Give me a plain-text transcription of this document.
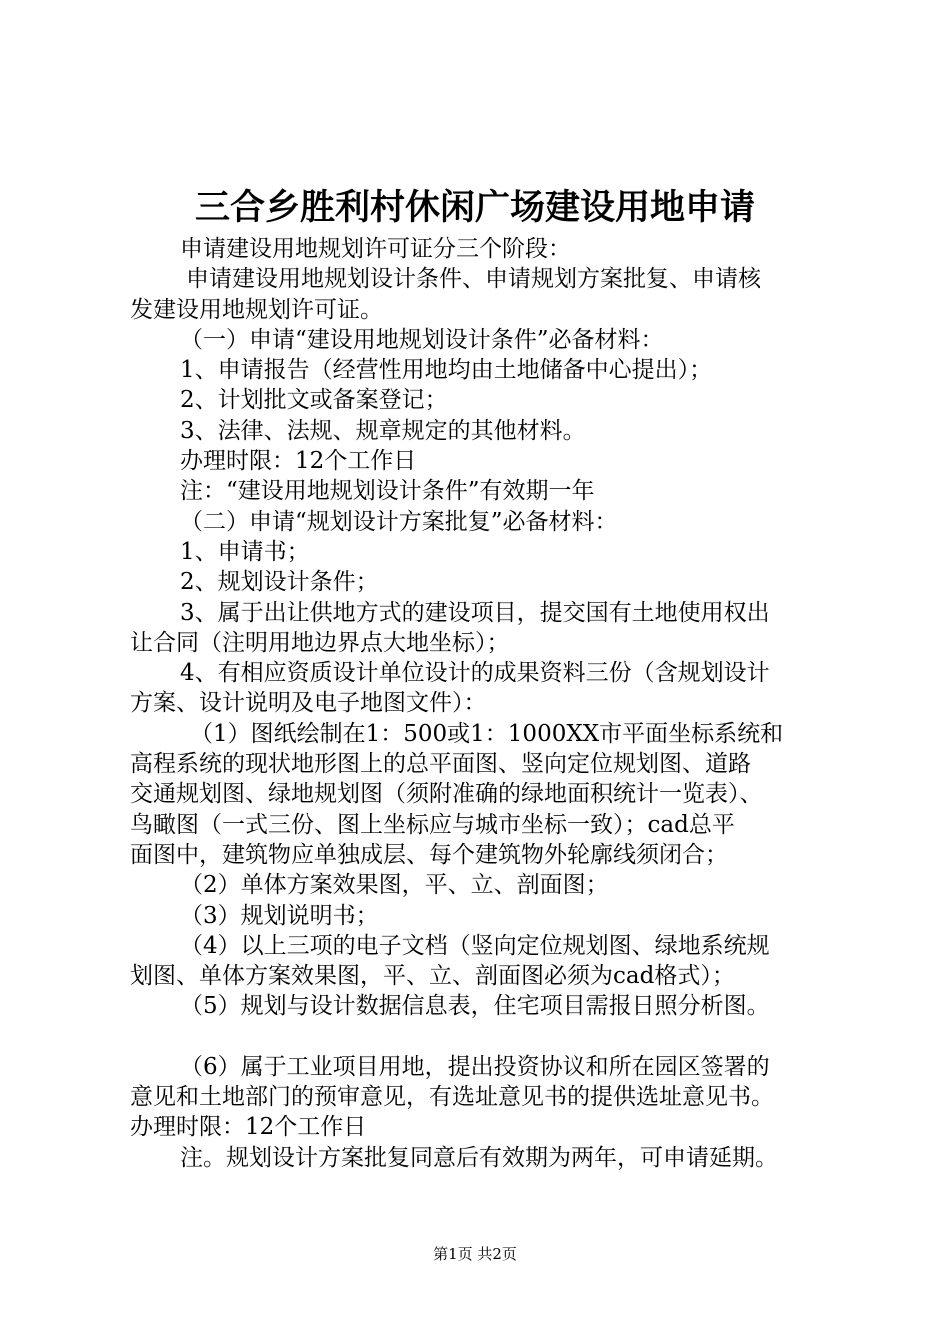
三合乡胜利村休闲广场建设用地申请

申请建设用地规划许可证分三个阶段：

申请建设用地规划设计条件、申请规划方案批复、申请核

发建设用地规划许可证。

（一）申请“建设用地规划设计条件”必备材料：

1、申请报告（经营性用地均由土地储备中心提出）；

2、计划批文或备案登记；

3、法律、法规、规章规定的其他材料。

办理时限：12个工作日

注：“建设用地规划设计条件”有效期一年

（二）申请“规划设计方案批复”必备材料：

1、申请书；

2、规划设计条件；

3、属于出让供地方式的建设项目，提交国有土地使用权出

让合同（注明用地边界点大地坐标）；

4、有相应资质设计单位设计的成果资料三份（含规划设计

方案、设计说明及电子地图文件）：

（1）图纸绘制在1：500或1：1000XX市平面坐标系统和

高程系统的现状地形图上的总平面图、竖向定位规划图、道路

交通规划图、绿地规划图（须附准确的绿地面积统计一览表）、

鸟瞰图（一式三份、图上坐标应与城市坐标一致）；cad总平

面图中，建筑物应单独成层、每个建筑物外轮廓线须闭合；

（2）单体方案效果图，平、立、剖面图；

（3）规划说明书；

（4）以上三项的电子文档（竖向定位规划图、绿地系统规

划图、单体方案效果图，平、立、剖面图必须为cad格式）；

（5）规划与设计数据信息表，住宅项目需报日照分析图。

（6）属于工业项目用地，提出投资协议和所在园区签署的

意见和土地部门的预审意见，有选址意见书的提供选址意见书。

办理时限：12个工作日

注。规划设计方案批复同意后有效期为两年，可申请延期。

第1页 共2页
